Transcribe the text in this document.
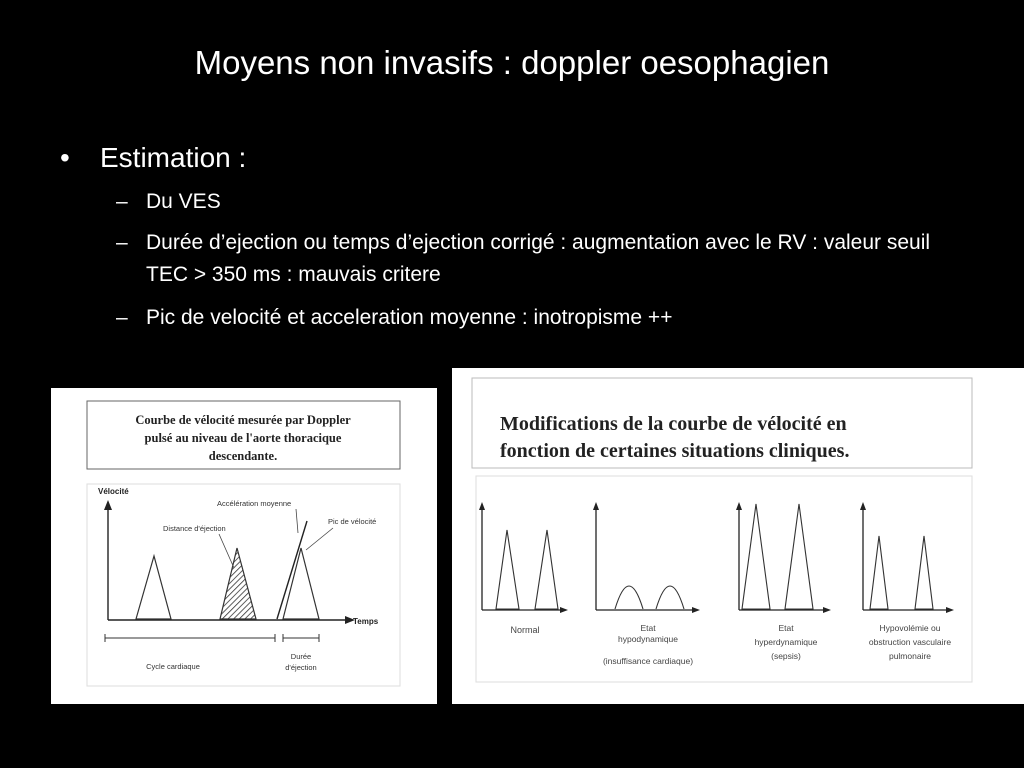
Moyens non invasifs : doppler oesophagien
• Estimation :
– Du VES
– Durée d’ejection ou temps d’ejection corrigé : augmentation avec le RV : valeur seuil TEC > 350 ms : mauvais critere
– Pic de velocité et acceleration moyenne : inotropisme ++
Courbe de vélocité mesurée par Doppler
pulsé au niveau de l'aorte thoracique
descendante.
Vélocité
Temps
Distance d'éjection
Accélération moyenne
Pic de vélocité
Cycle cardiaque
Durée
d'éjection
Modifications de la courbe de vélocité en
fonction de certaines situations cliniques.
Normal	Etat
hypodynamique
(insuffisance cardiaque)
Etat
hyperdynamique
(sepsis)
Hypovolémie ou
obstruction vasculaire
pulmonaire
